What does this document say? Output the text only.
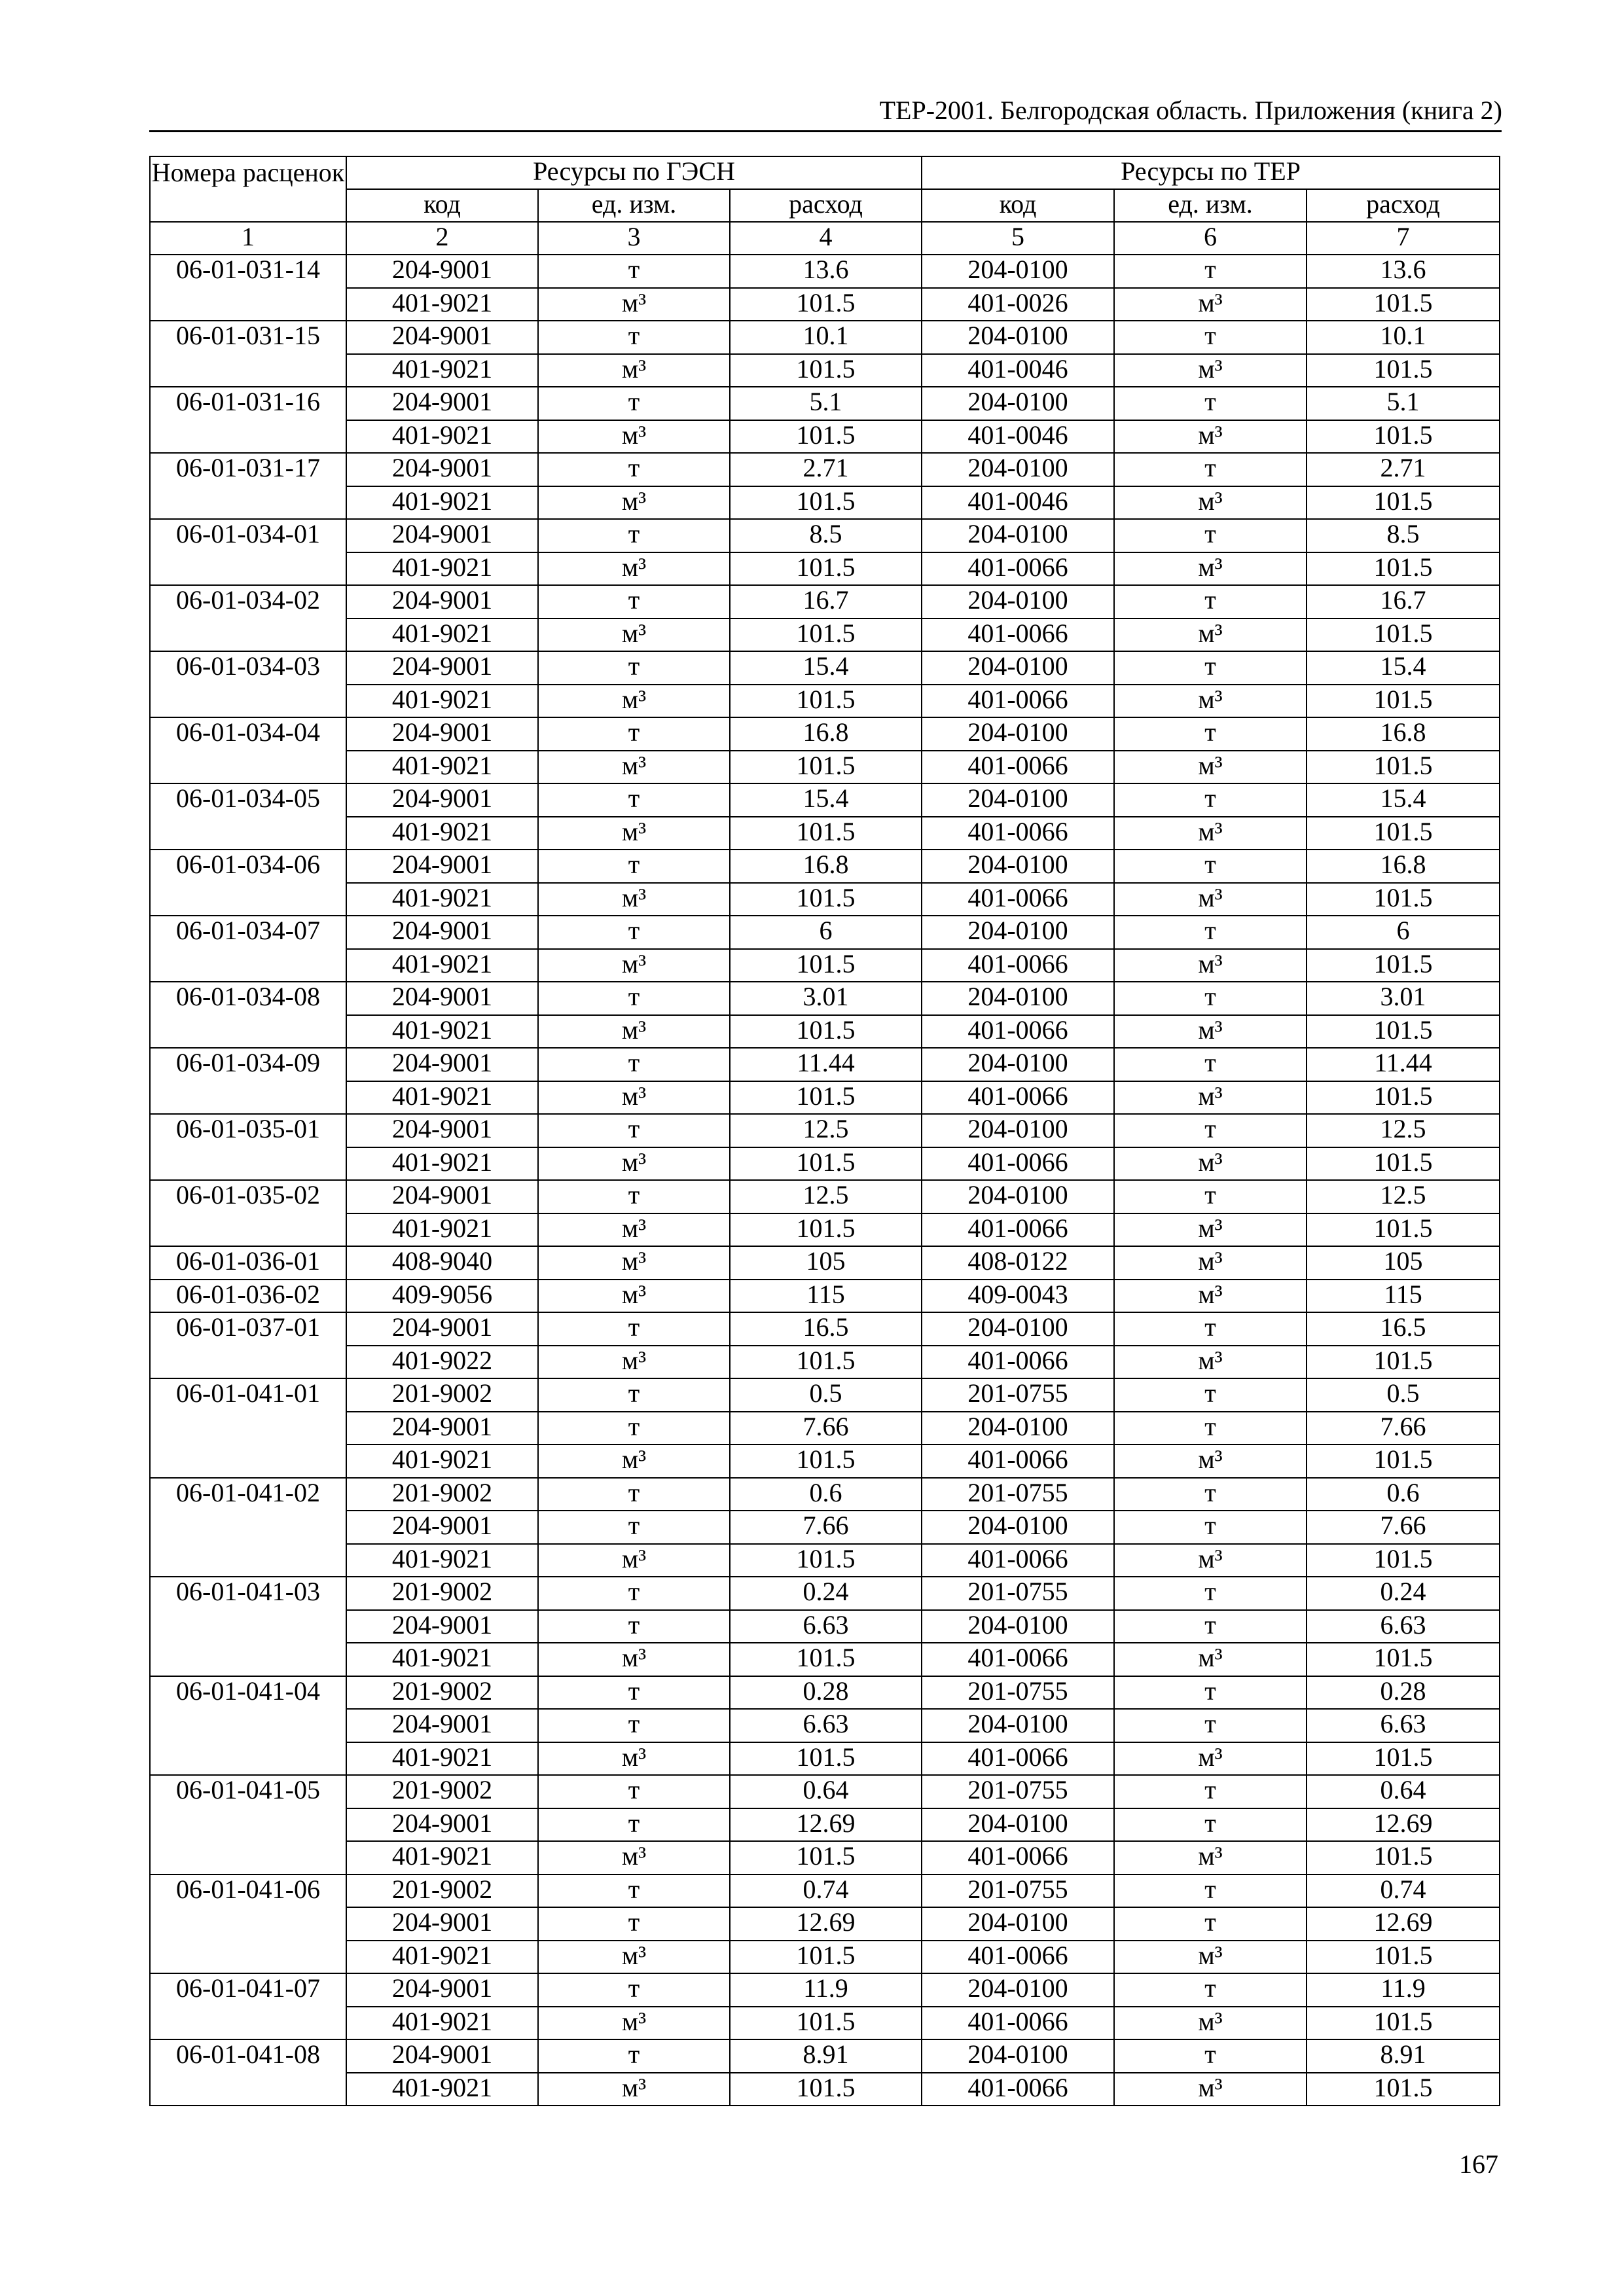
ТЕР-2001. Белгородская область. Приложения (книга 2)
Номера расценок	Ресурсы по ГЭСН			Ресурсы по ТЕР		
	код	ед. изм.	расход	код	ед. изм.	расход
1	2	3	4	5	6	7
06-01-031-14	204-9001	т	13.6	204-0100	т	13.6
	401-9021	м³	101.5	401-0026	м³	101.5
06-01-031-15	204-9001	т	10.1	204-0100	т	10.1
	401-9021	м³	101.5	401-0046	м³	101.5
06-01-031-16	204-9001	т	5.1	204-0100	т	5.1
	401-9021	м³	101.5	401-0046	м³	101.5
06-01-031-17	204-9001	т	2.71	204-0100	т	2.71
	401-9021	м³	101.5	401-0046	м³	101.5
06-01-034-01	204-9001	т	8.5	204-0100	т	8.5
	401-9021	м³	101.5	401-0066	м³	101.5
06-01-034-02	204-9001	т	16.7	204-0100	т	16.7
	401-9021	м³	101.5	401-0066	м³	101.5
06-01-034-03	204-9001	т	15.4	204-0100	т	15.4
	401-9021	м³	101.5	401-0066	м³	101.5
06-01-034-04	204-9001	т	16.8	204-0100	т	16.8
	401-9021	м³	101.5	401-0066	м³	101.5
06-01-034-05	204-9001	т	15.4	204-0100	т	15.4
	401-9021	м³	101.5	401-0066	м³	101.5
06-01-034-06	204-9001	т	16.8	204-0100	т	16.8
	401-9021	м³	101.5	401-0066	м³	101.5
06-01-034-07	204-9001	т	6	204-0100	т	6
	401-9021	м³	101.5	401-0066	м³	101.5
06-01-034-08	204-9001	т	3.01	204-0100	т	3.01
	401-9021	м³	101.5	401-0066	м³	101.5
06-01-034-09	204-9001	т	11.44	204-0100	т	11.44
	401-9021	м³	101.5	401-0066	м³	101.5
06-01-035-01	204-9001	т	12.5	204-0100	т	12.5
	401-9021	м³	101.5	401-0066	м³	101.5
06-01-035-02	204-9001	т	12.5	204-0100	т	12.5
	401-9021	м³	101.5	401-0066	м³	101.5
06-01-036-01	408-9040	м³	105	408-0122	м³	105
06-01-036-02	409-9056	м³	115	409-0043	м³	115
06-01-037-01	204-9001	т	16.5	204-0100	т	16.5
	401-9022	м³	101.5	401-0066	м³	101.5
06-01-041-01	201-9002	т	0.5	201-0755	т	0.5
	204-9001	т	7.66	204-0100	т	7.66
	401-9021	м³	101.5	401-0066	м³	101.5
06-01-041-02	201-9002	т	0.6	201-0755	т	0.6
	204-9001	т	7.66	204-0100	т	7.66
	401-9021	м³	101.5	401-0066	м³	101.5
06-01-041-03	201-9002	т	0.24	201-0755	т	0.24
	204-9001	т	6.63	204-0100	т	6.63
	401-9021	м³	101.5	401-0066	м³	101.5
06-01-041-04	201-9002	т	0.28	201-0755	т	0.28
	204-9001	т	6.63	204-0100	т	6.63
	401-9021	м³	101.5	401-0066	м³	101.5
06-01-041-05	201-9002	т	0.64	201-0755	т	0.64
	204-9001	т	12.69	204-0100	т	12.69
	401-9021	м³	101.5	401-0066	м³	101.5
06-01-041-06	201-9002	т	0.74	201-0755	т	0.74
	204-9001	т	12.69	204-0100	т	12.69
	401-9021	м³	101.5	401-0066	м³	101.5
06-01-041-07	204-9001	т	11.9	204-0100	т	11.9
	401-9021	м³	101.5	401-0066	м³	101.5
06-01-041-08	204-9001	т	8.91	204-0100	т	8.91
	401-9021	м³	101.5	401-0066	м³	101.5
167
